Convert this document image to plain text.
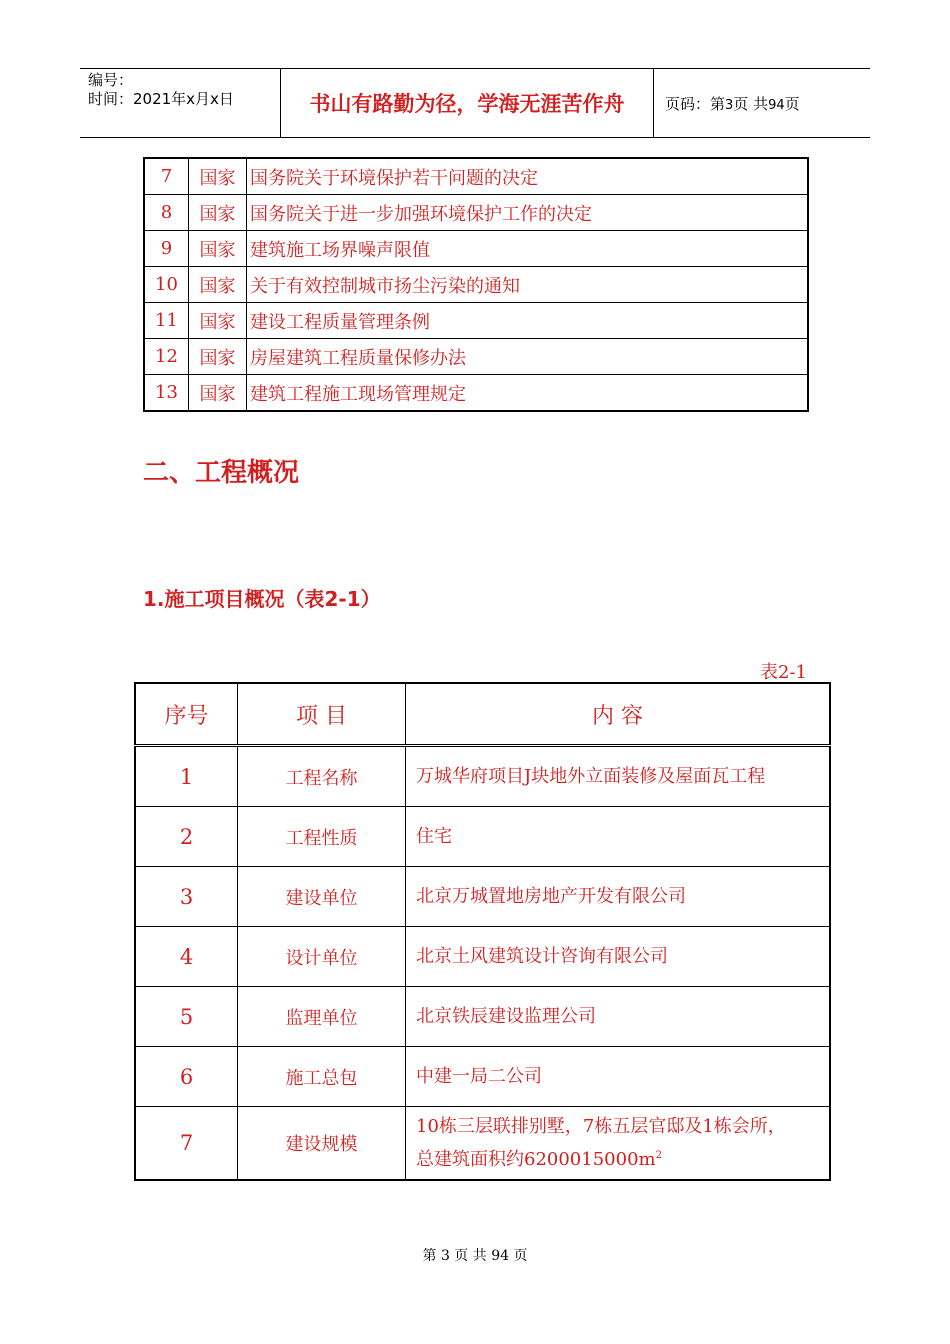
编号：
时间：2021年x月x日	书山有路勤为径，学海无涯苦作舟	页码：第3页 共94页
7	国家	国务院关于环境保护若干问题的决定
8	国家	国务院关于进一步加强环境保护工作的决定
9	国家	建筑施工场界噪声限值
10	国家	关于有效控制城市扬尘污染的通知
11	国家	建设工程质量管理条例
12	国家	房屋建筑工程质量保修办法
13	国家	建筑工程施工现场管理规定
二、工程概况
1.施工项目概况（表2-1）
表2-1
序号	项 目	内 容
1	工程名称	万城华府项目J块地外立面装修及屋面瓦工程
2	工程性质	住宅
3	建设单位	北京万城置地房地产开发有限公司
4	设计单位	北京土风建筑设计咨询有限公司
5	监理单位	北京铁辰建设监理公司
6	施工总包	中建一局二公司
7	建设规模	10栋三层联排别墅，7栋五层官邸及1栋会所，
总建筑面积约$6200015000m^2$
第 3 页 共 94 页
